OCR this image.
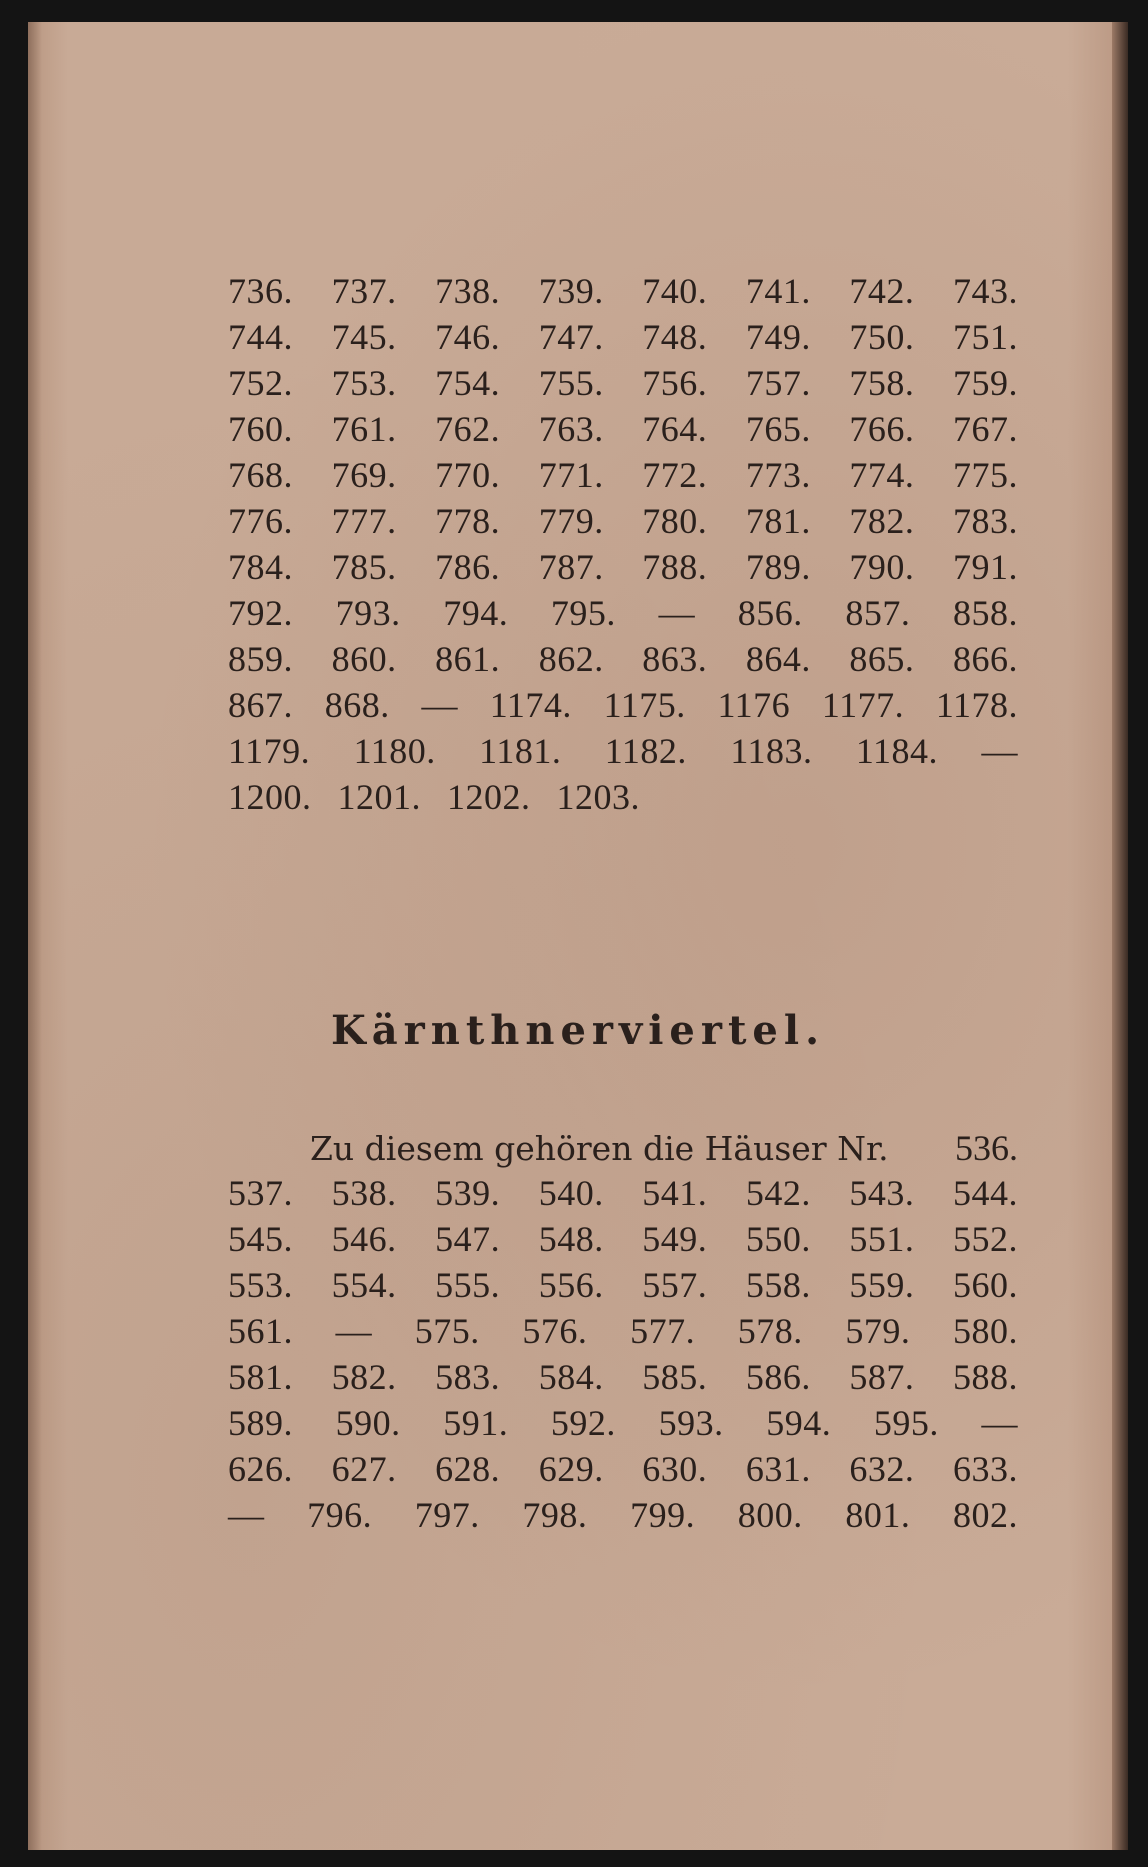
736. 737. 738. 739. 740. 741. 742. 743.
744. 745. 746. 747. 748. 749. 750. 751.
752. 753. 754. 755. 756. 757. 758. 759.
760. 761. 762. 763. 764. 765. 766. 767.
768. 769. 770. 771. 772. 773. 774. 775.
776. 777. 778. 779. 780. 781. 782. 783.
784. 785. 786. 787. 788. 789. 790. 791.
792. 793. 794. 795. — 856. 857. 858.
859. 860. 861. 862. 863. 864. 865. 866.
867. 868. — 1174. 1175. 1176 1177. 1178.
1179. 1180. 1181. 1182. 1183. 1184. —
1200. 1201. 1202. 1203.
Kärnthnerviertel.
Zu diesem gehören die Häuser Nr. 536.
537. 538. 539. 540. 541. 542. 543. 544.
545. 546. 547. 548. 549. 550. 551. 552.
553. 554. 555. 556. 557. 558. 559. 560.
561. — 575. 576. 577. 578. 579. 580.
581. 582. 583. 584. 585. 586. 587. 588.
589. 590. 591. 592. 593. 594. 595. —
626. 627. 628. 629. 630. 631. 632. 633.
— 796. 797. 798. 799. 800. 801. 802.
